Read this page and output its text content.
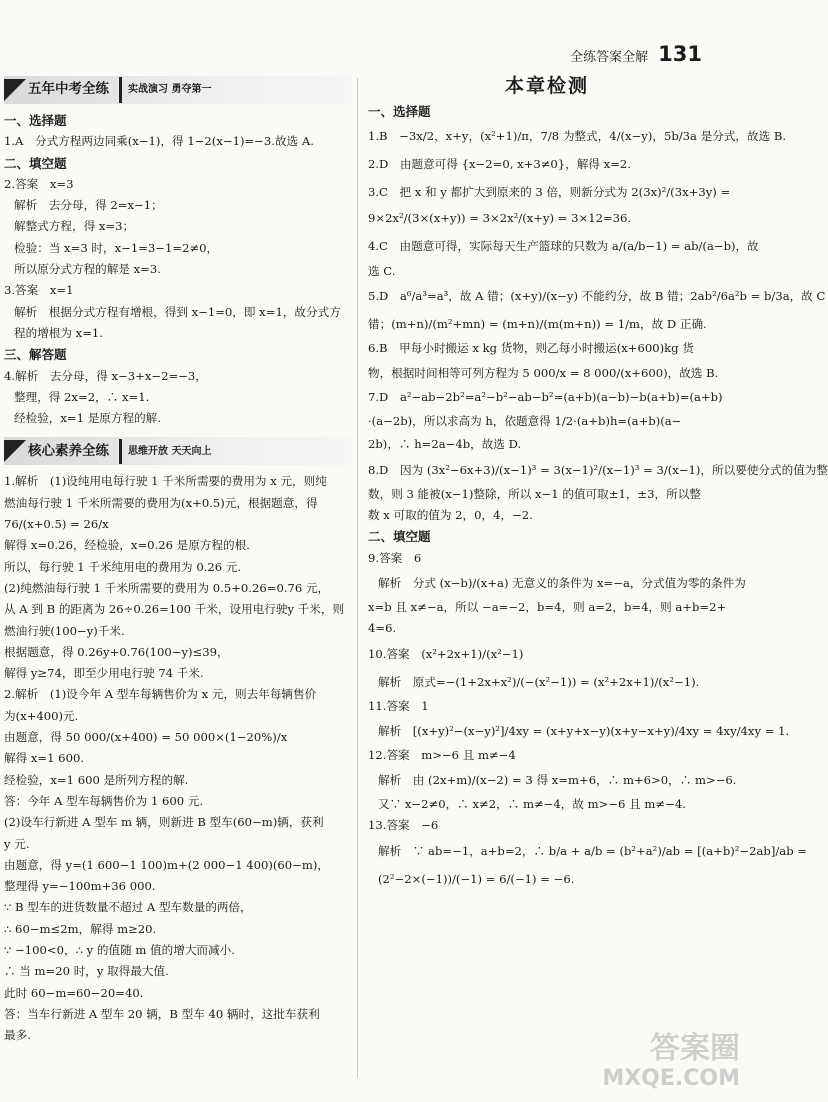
全练答案全解 131
五年中考全练	实战演习 勇夺第一
一、选择题
1.A　分式方程两边同乘(x−1)，得 1−2(x−1)=−3.故选 A.
二、填空题
2.答案　x=3
解析　去分母，得 2=x−1；
解整式方程，得 x=3；
检验：当 x=3 时，x−1=3−1=2≠0，
所以原分式方程的解是 x=3.
3.答案　x=1
解析　根据分式方程有增根，得到 x−1=0，即 x=1，故分式方
程的增根为 x=1.
三、解答题
4.解析　去分母，得 x−3+x−2=−3，
整理，得 2x=2，∴ x=1.
经检验，x=1 是原方程的解.
核心素养全练	思维开放 天天向上
1.解析　(1)设纯用电每行驶 1 千米所需要的费用为 x 元，则纯
燃油每行驶 1 千米所需要的费用为(x+0.5)元，根据题意，得
76/(x+0.5) = 26/x
解得 x=0.26，经检验，x=0.26 是原方程的根.
所以，每行驶 1 千米纯用电的费用为 0.26 元.
(2)纯燃油每行驶 1 千米所需要的费用为 0.5+0.26=0.76 元，
从 A 到 B 的距离为 26÷0.26=100 千米，设用电行驶y 千米，则
燃油行驶(100−y)千米.
根据题意，得 0.26y+0.76(100−y)≤39，
解得 y≥74，即至少用电行驶 74 千米.
2.解析　(1)设今年 A 型车每辆售价为 x 元，则去年每辆售价
为(x+400)元.
由题意，得 50 000/(x+400) = 50 000×(1−20%)/x
解得 x=1 600.
经检验，x=1 600 是所列方程的解.
答：今年 A 型车每辆售价为 1 600 元.
(2)设车行新进 A 型车 m 辆，则新进 B 型车(60−m)辆，获利
y 元.
由题意，得 y=(1 600−1 100)m+(2 000−1 400)(60−m)，
整理得 y=−100m+36 000.
∵ B 型车的进货数量不超过 A 型车数量的两倍，
∴ 60−m≤2m，解得 m≥20.
∵ −100<0，∴ y 的值随 m 值的增大而减小.
∴ 当 m=20 时，y 取得最大值.
此时 60−m=60−20=40.
答：当车行新进 A 型车 20 辆，B 型车 40 辆时，这批车获利
最多.
本章检测
一、选择题
1.B　−3x/2，x+y，(x²+1)/π，7/8 为整式，4/(x−y)，5b/3a 是分式，故选 B.
2.D　由题意可得 {x−2=0, x+3≠0}，解得 x=2.
3.C　把 x 和 y 都扩大到原来的 3 倍，则新分式为 2(3x)²/(3x+3y) =
9×2x²/(3×(x+y)) = 3×2x²/(x+y) = 3×12=36.
4.C　由题意可得，实际每天生产篮球的只数为 a/(a/b−1) = ab/(a−b)，故
选 C.
5.D　a⁶/a³=a³，故 A 错；(x+y)/(x−y) 不能约分，故 B 错；2ab²/6a²b = b/3a，故 C
错；(m+n)/(m²+mn) = (m+n)/(m(m+n)) = 1/m，故 D 正确.
6.B　甲每小时搬运 x kg 货物，则乙每小时搬运(x+600)kg 货
物，根据时间相等可列方程为 5 000/x = 8 000/(x+600)，故选 B.
7.D　a²−ab−2b²=a²−b²−ab−b²=(a+b)(a−b)−b(a+b)=(a+b)
·(a−2b)，所以求高为 h，依题意得 1/2·(a+b)h=(a+b)(a−
2b)，∴ h=2a−4b，故选 D.
8.D　因为 (3x²−6x+3)/(x−1)³ = 3(x−1)²/(x−1)³ = 3/(x−1)，所以要使分式的值为整
数，则 3 能被(x−1)整除，所以 x−1 的值可取±1，±3，所以整
数 x 可取的值为 2，0，4，−2.
二、填空题
9.答案　6
解析　分式 (x−b)/(x+a) 无意义的条件为 x=−a，分式值为零的条件为
x=b 且 x≠−a，所以 −a=−2，b=4，则 a=2，b=4，则 a+b=2+
4=6.
10.答案　(x²+2x+1)/(x²−1)
解析　原式=−(1+2x+x²)/(−(x²−1)) = (x²+2x+1)/(x²−1).
11.答案　1
解析　[(x+y)²−(x−y)²]/4xy = (x+y+x−y)(x+y−x+y)/4xy = 4xy/4xy = 1.
12.答案　m>−6 且 m≠−4
解析　由 (2x+m)/(x−2) = 3 得 x=m+6，∴ m+6>0，∴ m>−6.
又∵ x−2≠0，∴ x≠2，∴ m≠−4，故 m>−6 且 m≠−4.
13.答案　−6
解析　∵ ab=−1，a+b=2，∴ b/a + a/b = (b²+a²)/ab = [(a+b)²−2ab]/ab =
(2²−2×(−1))/(−1) = 6/(−1) = −6.
答案圈
MXQE.COM
